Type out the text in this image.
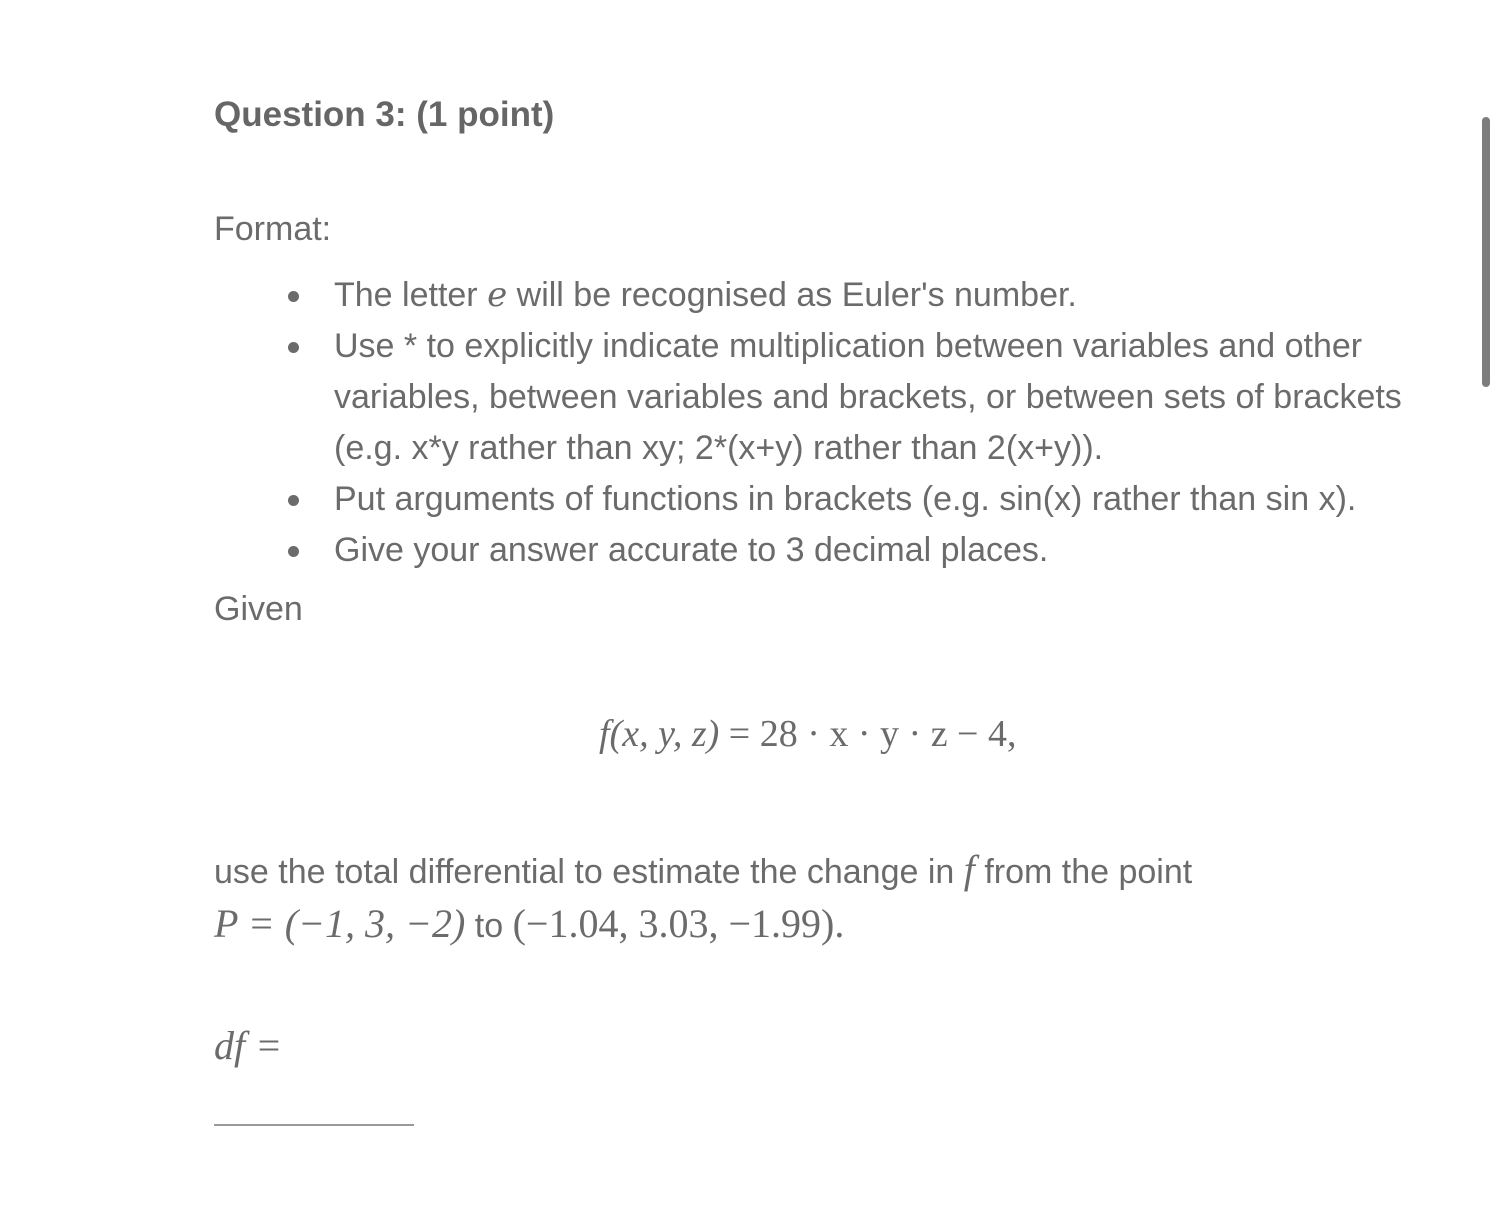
Question 3: (1 point)
Format:
The letter e will be recognised as Euler's number.
Use * to explicitly indicate multiplication between variables and other variables, between variables and brackets, or between sets of brackets (e.g. x*y rather than xy; 2*(x+y) rather than 2(x+y)).
Put arguments of functions in brackets (e.g. sin(x) rather than sin x).
Give your answer accurate to 3 decimal places.
Given
f(x, y, z) = 28 · x · y · z − 4,
use the total differential to estimate the change in f from the point
P = (−1, 3, −2) to (−1.04, 3.03, −1.99).
df =
